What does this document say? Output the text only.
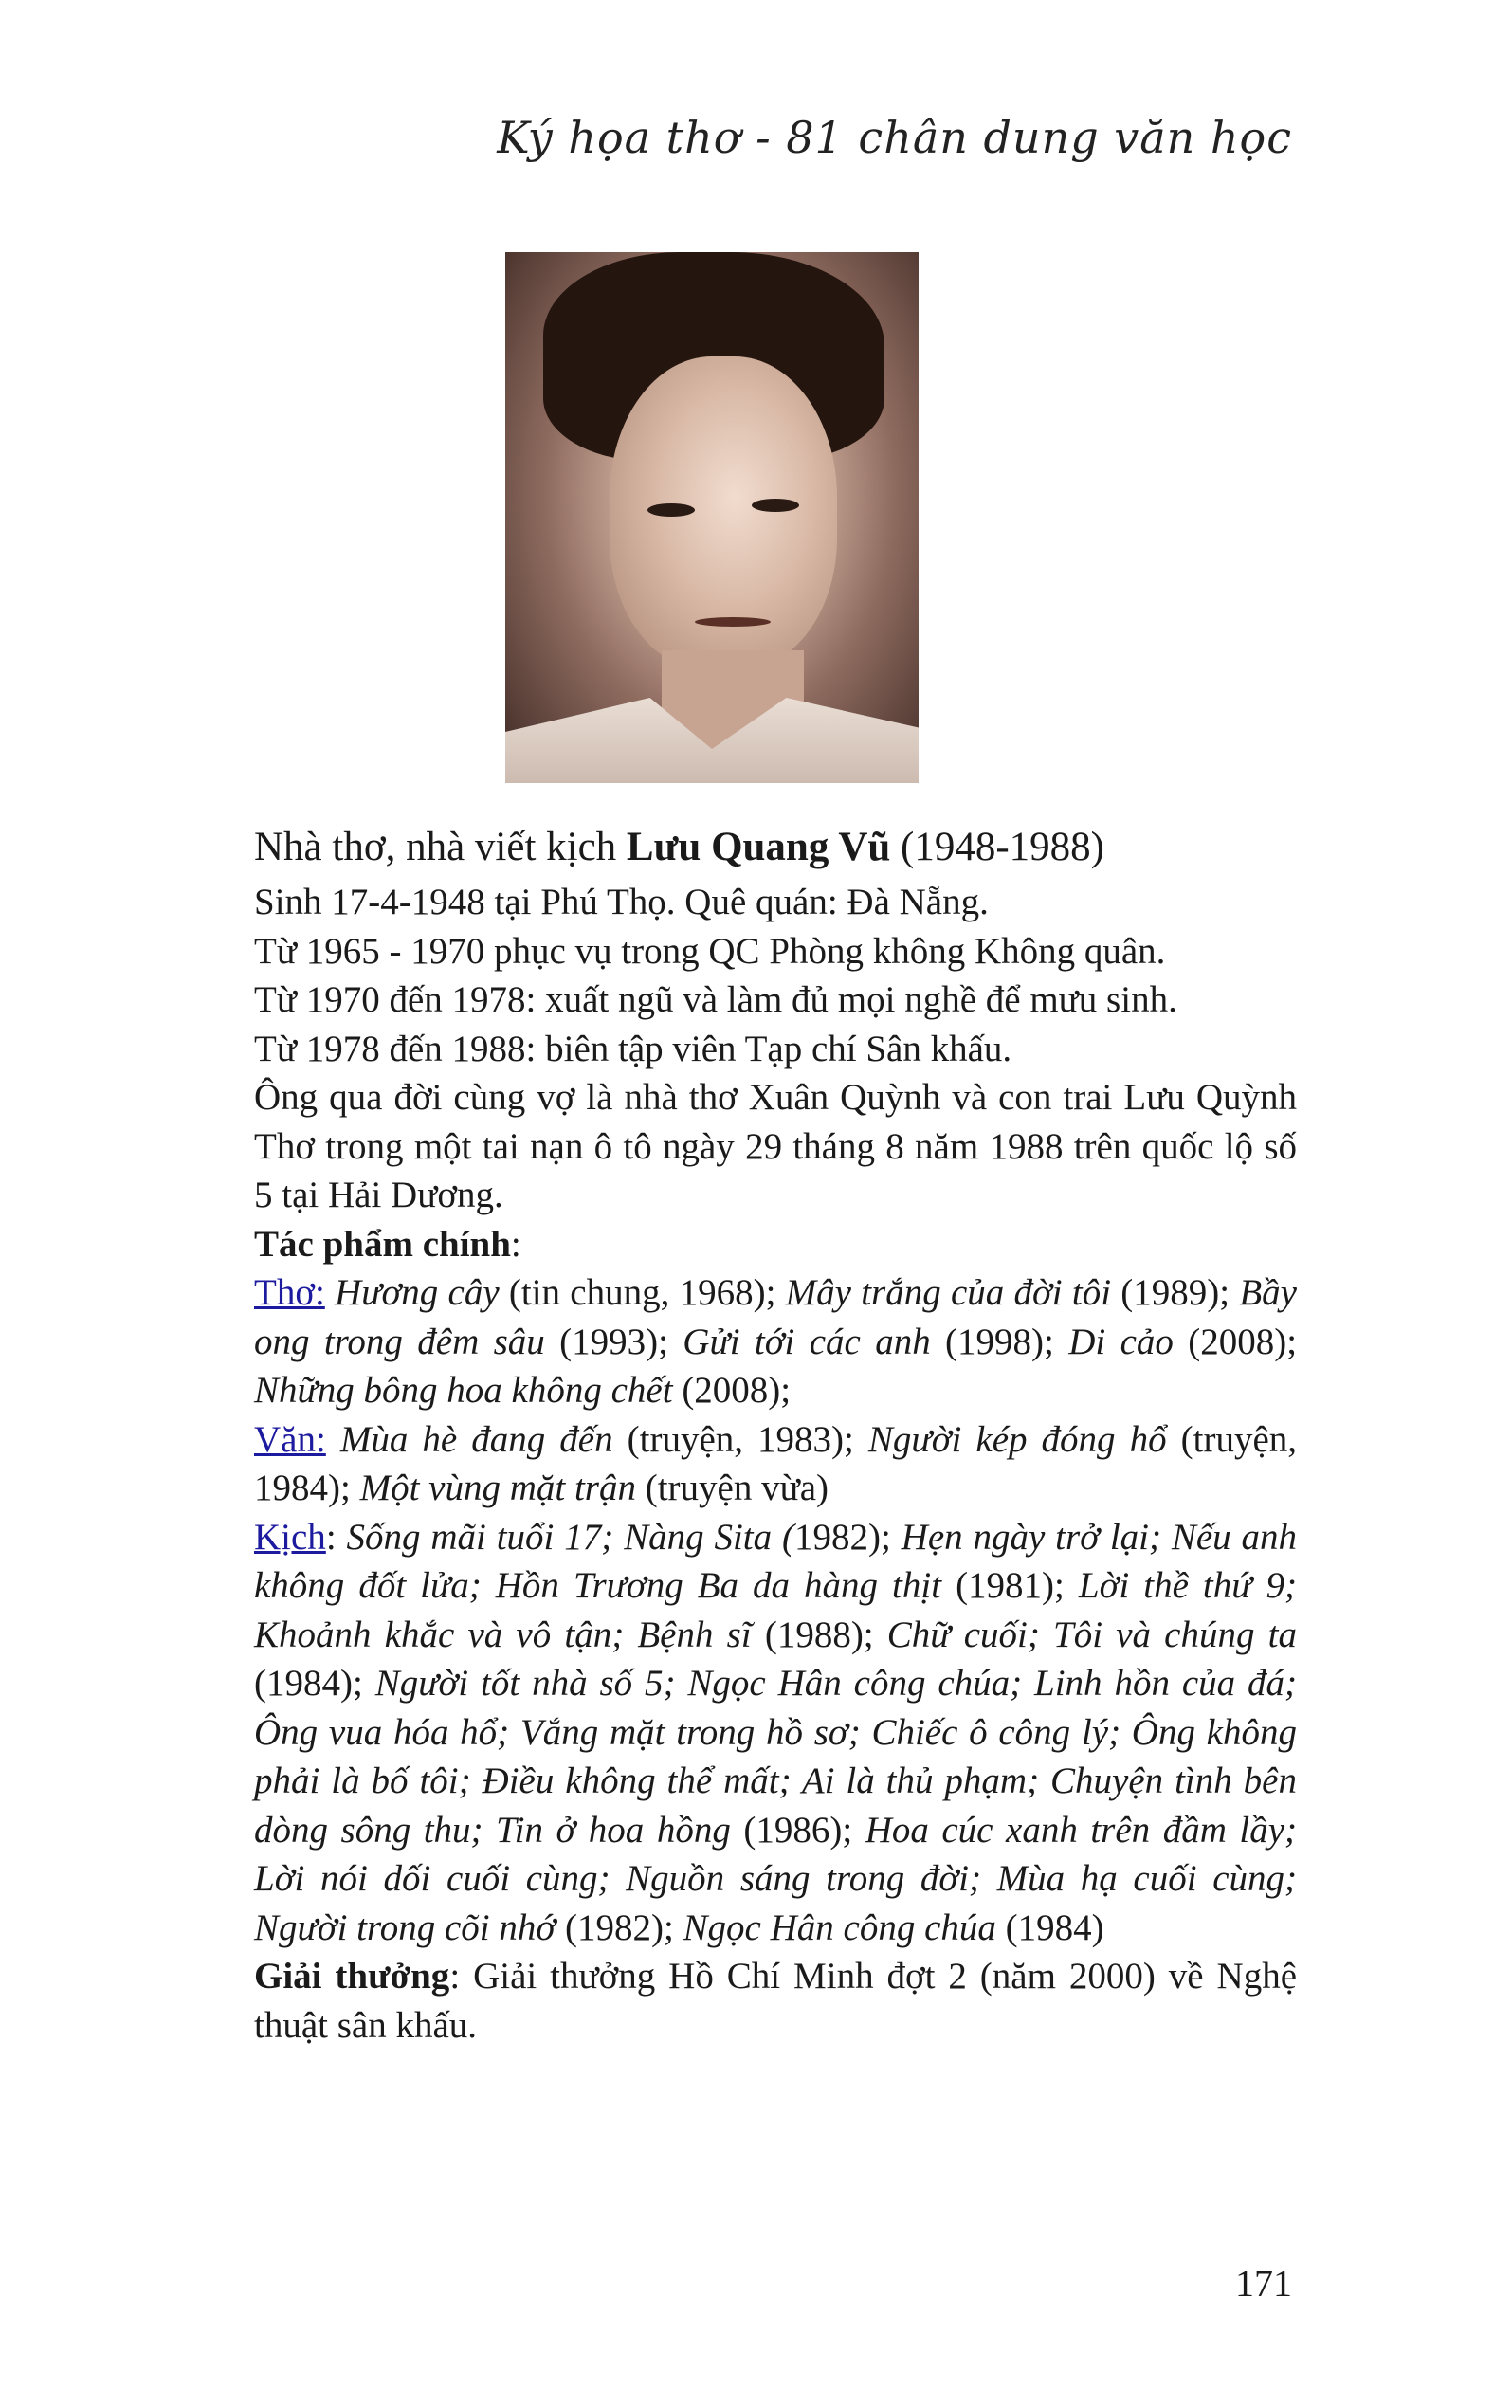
Ký họa thơ - 81 chân dung văn học

Nhà thơ, nhà viết kịch Lưu Quang Vũ (1948-1988)

Sinh 17-4-1948 tại Phú Thọ. Quê quán: Đà Nẵng.

Từ 1965 - 1970 phục vụ trong QC Phòng không Không quân.

Từ 1970 đến 1978: xuất ngũ và làm đủ mọi nghề để mưu sinh.

Từ 1978 đến 1988: biên tập viên Tạp chí Sân khấu.

Ông qua đời cùng vợ là nhà thơ Xuân Quỳnh và con trai Lưu Quỳnh Thơ trong một tai nạn ô tô ngày 29 tháng 8 năm 1988 trên quốc lộ số 5 tại Hải Dương.

Tác phẩm chính:

Thơ: Hương cây (tin chung, 1968); Mây trắng của đời tôi (1989); Bầy ong trong đêm sâu (1993); Gửi tới các anh (1998); Di cảo (2008); Những bông hoa không chết (2008);

Văn: Mùa hè đang đến (truyện, 1983); Người kép đóng hổ (truyện, 1984); Một vùng mặt trận (truyện vừa)

Kịch: Sống mãi tuổi 17; Nàng Sita (1982); Hẹn ngày trở lại; Nếu anh không đốt lửa; Hồn Trương Ba da hàng thịt (1981); Lời thề thứ 9; Khoảnh khắc và vô tận; Bệnh sĩ (1988); Chữ cuối; Tôi và chúng ta (1984); Người tốt nhà số 5; Ngọc Hân công chúa; Linh hồn của đá; Ông vua hóa hổ; Vắng mặt trong hồ sơ; Chiếc ô công lý; Ông không phải là bố tôi; Điều không thể mất; Ai là thủ phạm; Chuyện tình bên dòng sông thu; Tin ở hoa hồng (1986); Hoa cúc xanh trên đầm lầy; Lời nói dối cuối cùng; Nguồn sáng trong đời; Mùa hạ cuối cùng; Người trong cõi nhớ (1982); Ngọc Hân công chúa (1984)

Giải thưởng: Giải thưởng Hồ Chí Minh đợt 2 (năm 2000) về Nghệ thuật sân khấu.

171
